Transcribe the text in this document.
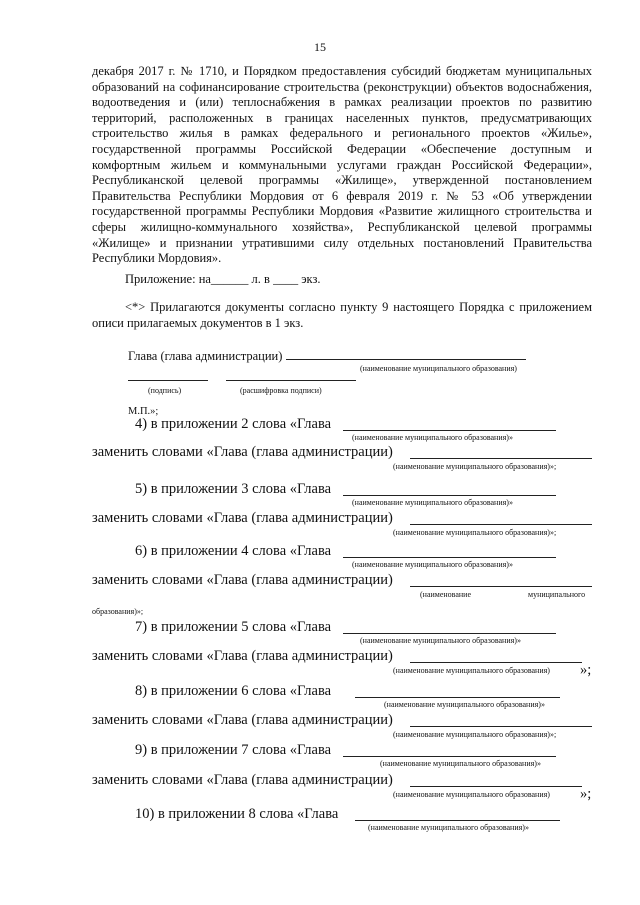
15
декабря 2017 г. № 1710, и Порядком предоставления субсидий бюджетам муниципальных образований на софинансирование строительства (реконструкции) объектов водоснабжения, водоотведения и (или) теплоснабжения в рамках реализации проектов по развитию территорий, расположенных в границах населенных пунктов, предусматривающих строительство жилья в рамках федерального и регионального проектов «Жилье», государственной программы Российской Федерации «Обеспечение доступным и комфортным жильем и коммунальными услугами граждан Российской Федерации», Республиканской целевой программы «Жилище», утвержденной постановлением Правительства Республики Мордовия от 6 февраля 2019 г. № 53 «Об утверждении государственной программы Республики Мордовия «Развитие жилищного строительства и сферы жилищно-коммунального хозяйства», Республиканской целевой программы «Жилище» и признании утратившими силу отдельных постановлений Правительства Республики Мордовия».
Приложение: на______ л. в ____ экз.
<*> Прилагаются документы согласно пункту 9 настоящего Порядка с приложением описи прилагаемых документов в 1 экз.
Глава (глава администрации)
(наименование муниципального образования)
(подпись)	(расшифровка подписи)
М.П.»;
4) в приложении 2 слова «Глава
(наименование муниципального образования)»
заменить словами «Глава (глава администрации)
(наименование муниципального образования)»;
5) в приложении 3 слова «Глава
(наименование муниципального образования)»
заменить словами «Глава (глава администрации)
(наименование муниципального образования)»;
6) в приложении 4 слова «Глава
(наименование муниципального образования)»
заменить словами «Глава (глава администрации)
(наименование	муниципального
образования)»;
7) в приложении 5 слова «Глава
(наименование муниципального образования)»
заменить словами «Глава (глава администрации)
(наименование муниципального образования) »;
8) в приложении 6 слова «Глава
(наименование муниципального образования)»
заменить словами «Глава (глава администрации)
(наименование муниципального образования)»;
9) в приложении 7 слова «Глава
(наименование муниципального образования)»
заменить словами «Глава (глава администрации)
(наименование муниципального образования) »;
10) в приложении 8 слова «Глава
(наименование муниципального образования)»
